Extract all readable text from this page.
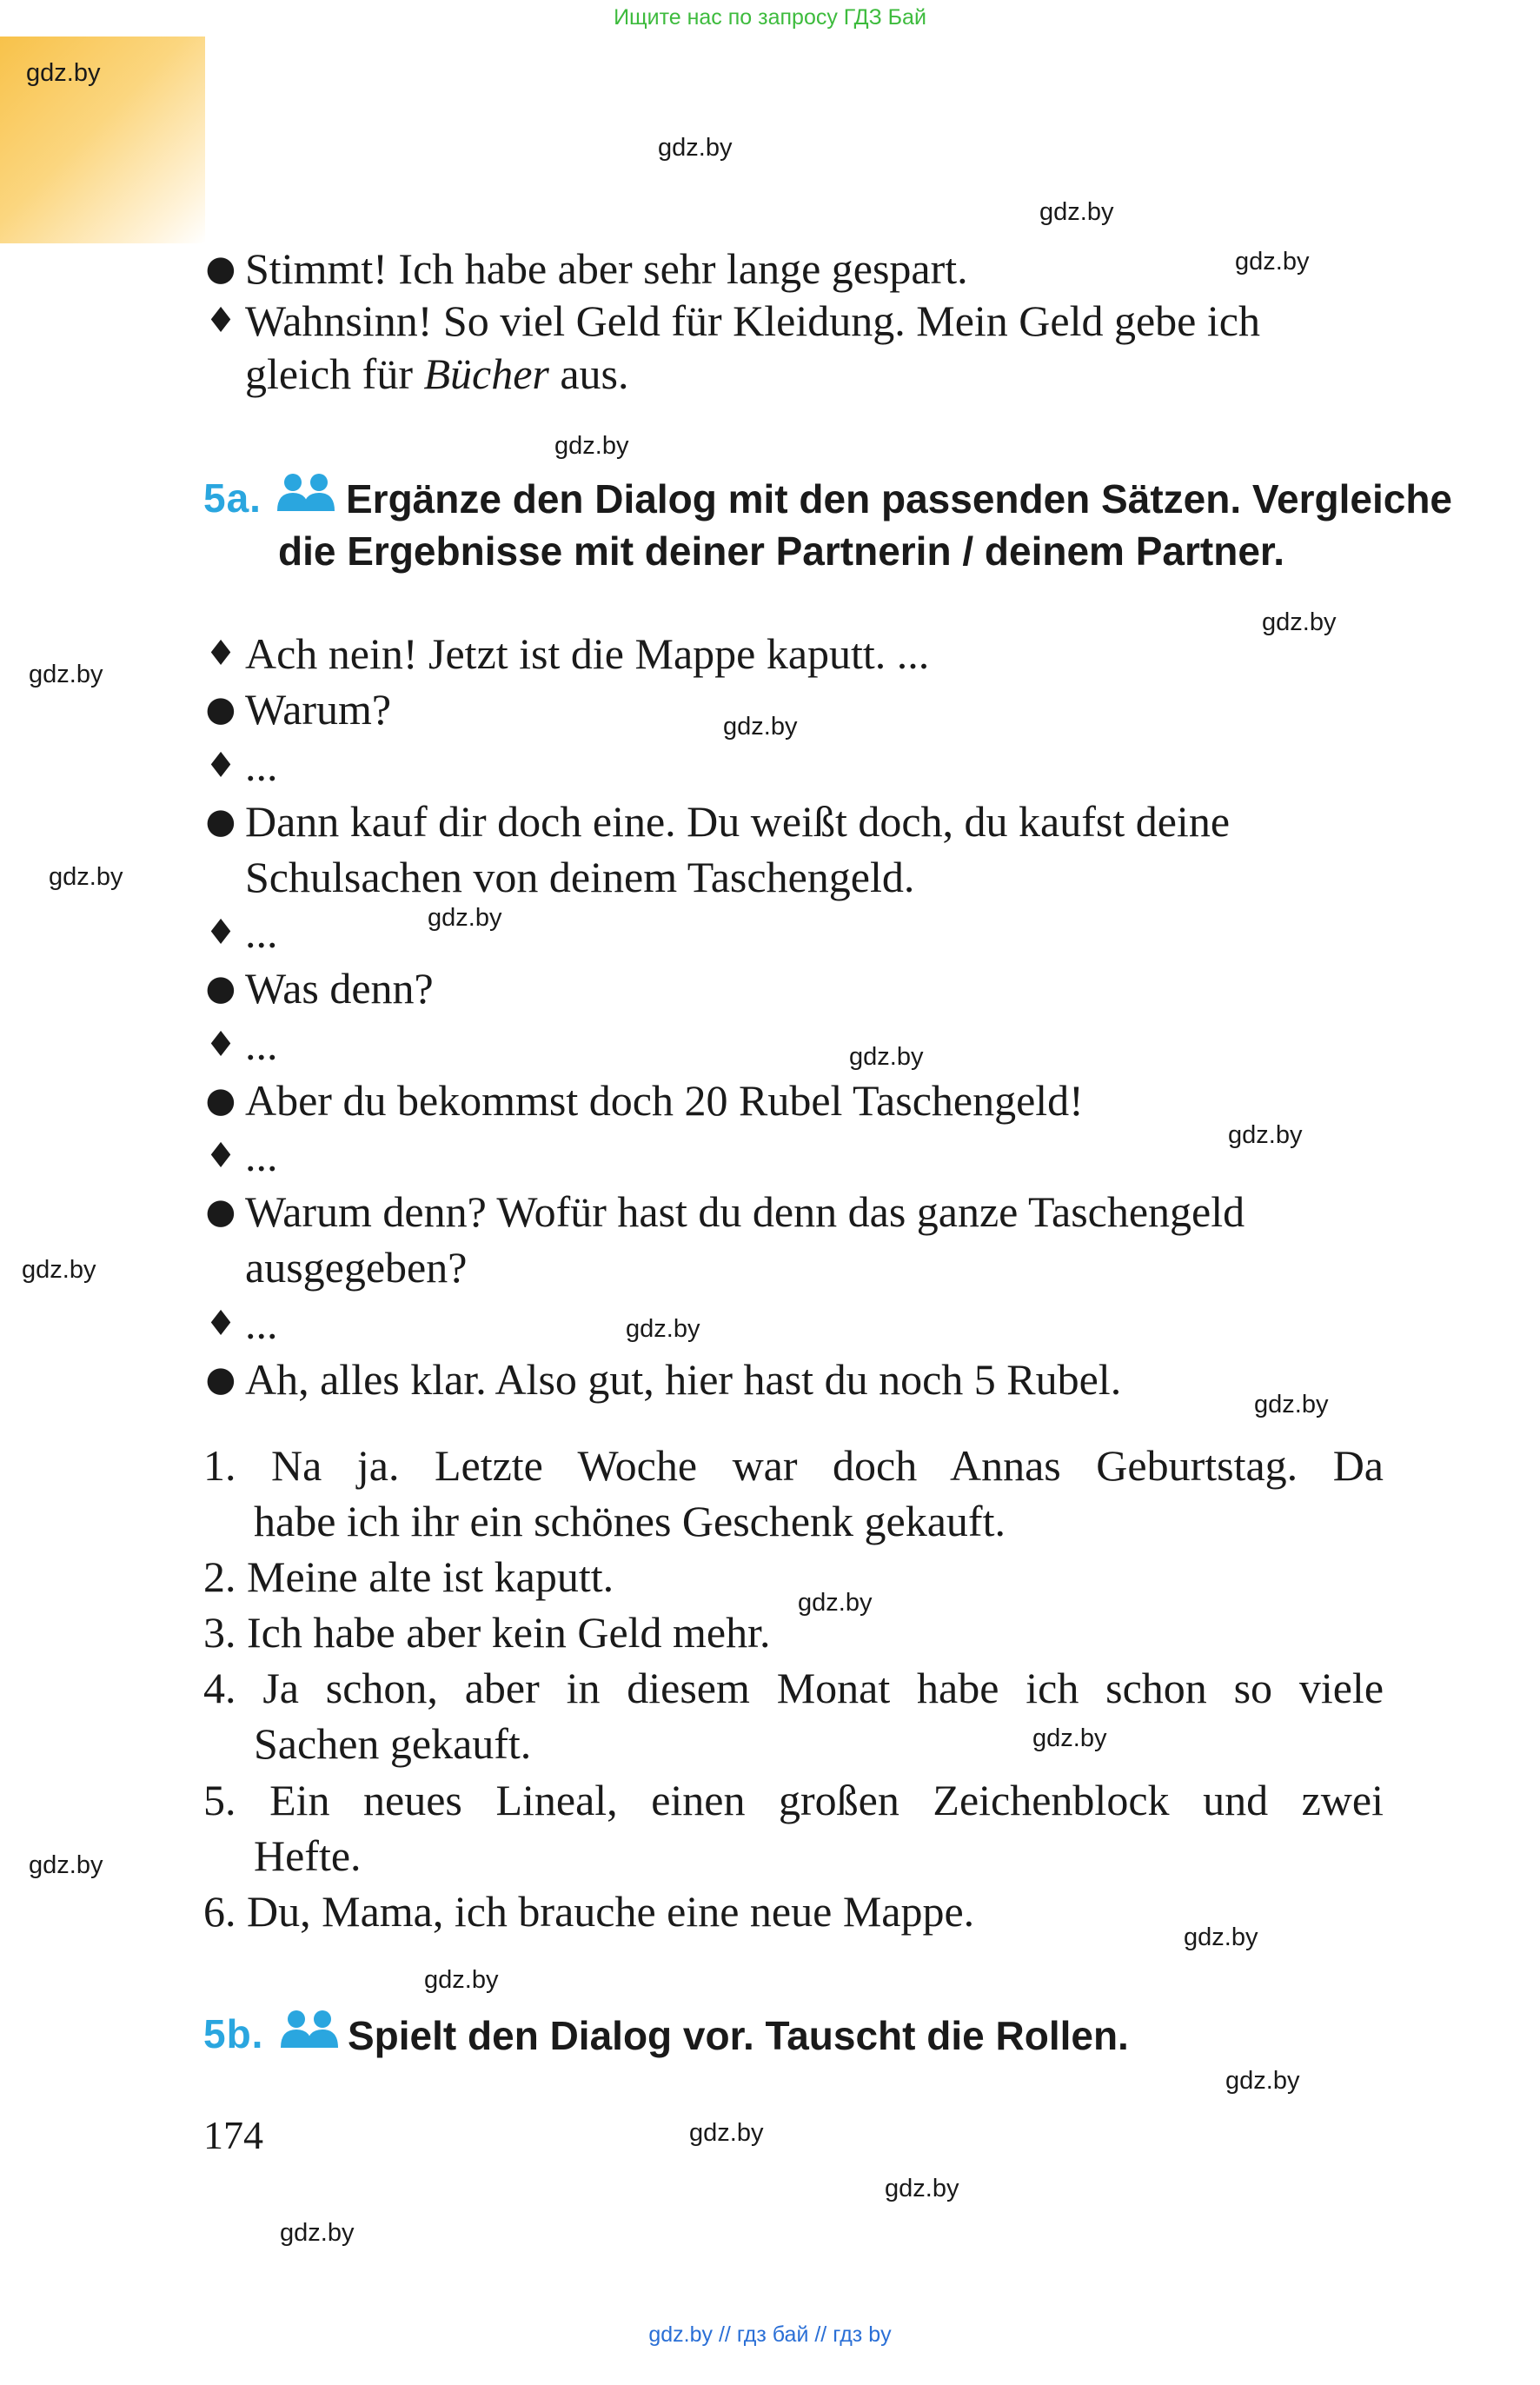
Ищите нас по запросу ГДЗ Бай
gdz.by
gdz.by
gdz.by
gdz.by
gdz.by
gdz.by
gdz.by
gdz.by
gdz.by
gdz.by
gdz.by
gdz.by
gdz.by
gdz.by
gdz.by
gdz.by
gdz.by
gdz.by
gdz.by
gdz.by
gdz.by
gdz.by
gdz.by
gdz.by
● Stimmt! Ich habe aber sehr lange gespart.
♦ Wahnsinn! So viel Geld für Kleidung. Mein Geld gebe ich
gleich für Bücher aus.
5a. Ergänze den Dialog mit den passenden Sätzen. Vergleiche
die Ergebnisse mit deiner Partnerin / deinem Partner.
♦ Ach nein! Jetzt ist die Mappe kaputt. ...
● Warum?
♦ ...
● Dann kauf dir doch eine. Du weißt doch, du kaufst deine
Schulsachen von deinem Taschengeld.
♦ ...
● Was denn?
♦ ...
● Aber du bekommst doch 20 Rubel Taschengeld!
♦ ...
● Warum denn? Wofür hast du denn das ganze Taschengeld
ausgegeben?
♦ ...
● Ah, alles klar. Also gut, hier hast du noch 5 Rubel.
1. Na ja. Letzte Woche war doch Annas Geburtstag. Da
habe ich ihr ein schönes Geschenk gekauft.
2. Meine alte ist kaputt.
3. Ich habe aber kein Geld mehr.
4. Ja schon, aber in diesem Monat habe ich schon so viele
Sachen gekauft.
5. Ein neues Lineal, einen großen Zeichenblock und zwei
Hefte.
6. Du, Mama, ich brauche eine neue Mappe.
5b. Spielt den Dialog vor. Tauscht die Rollen.
174
gdz.by // гдз бай // гдз by
